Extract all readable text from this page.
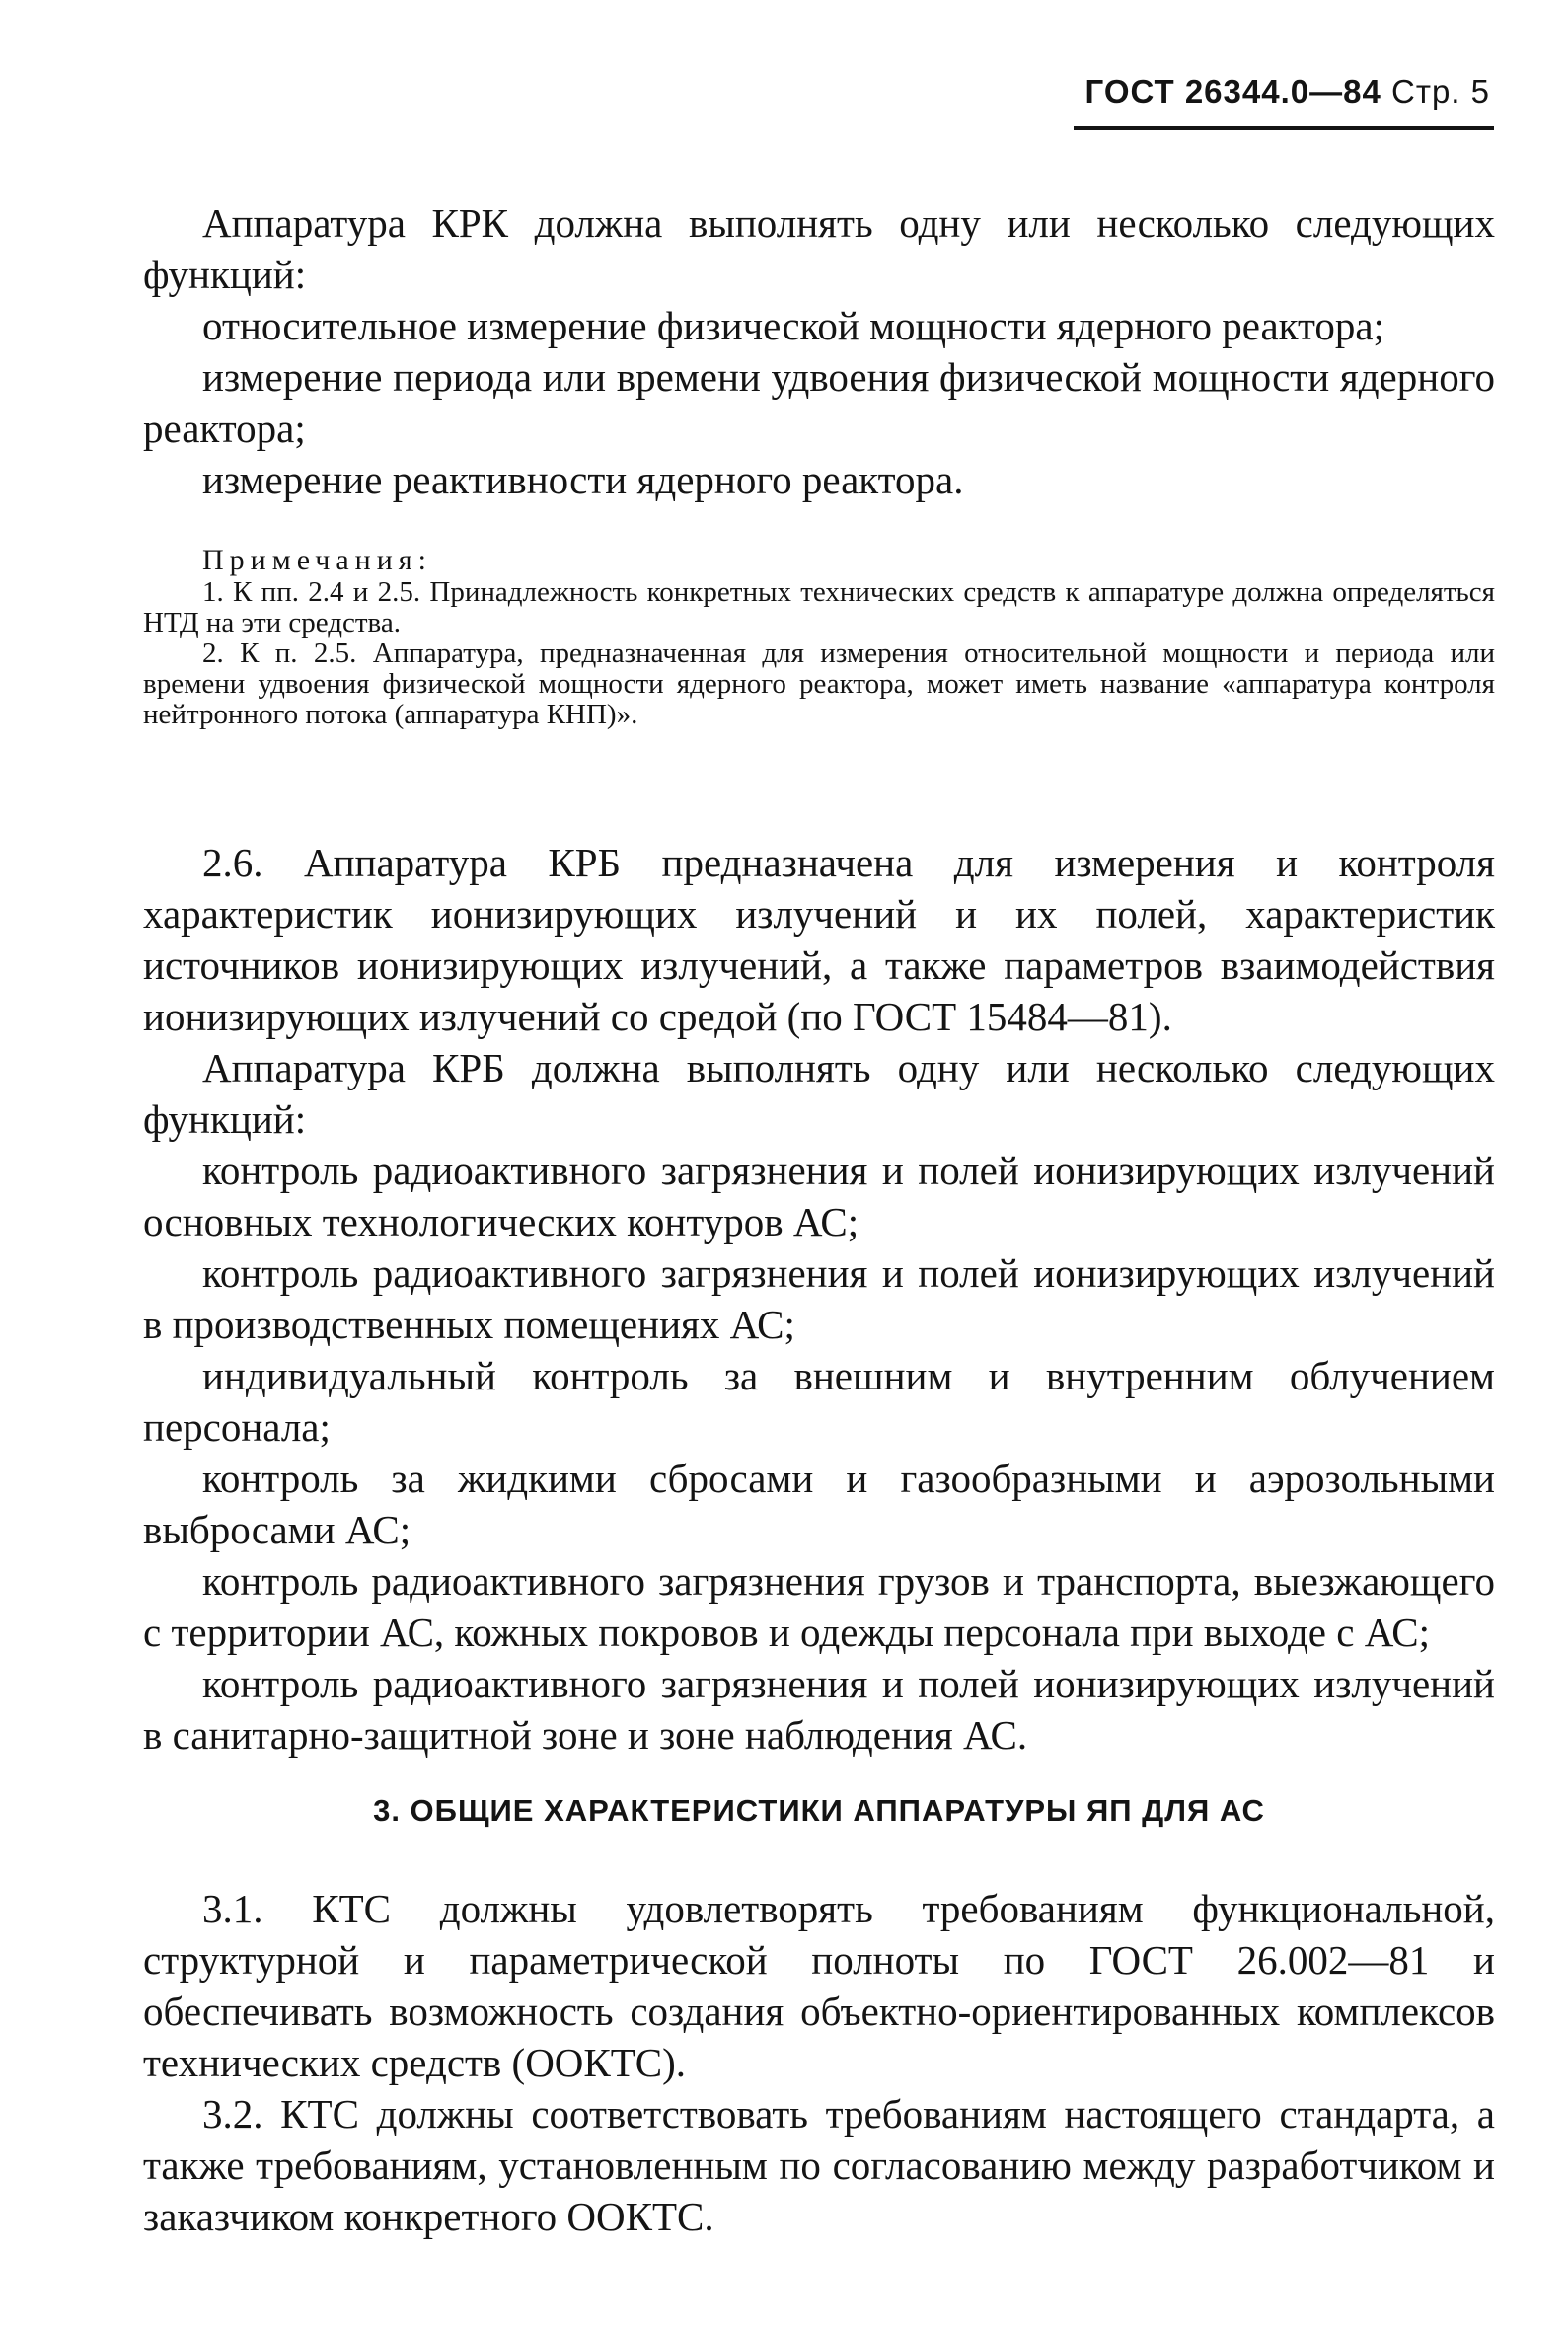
ГОСТ 26344.0—84 Стр. 5

Аппаратура КРК должна выполнять одну или несколько следующих функций:

относительное измерение физической мощности ядерного реактора;

измерение периода или времени удвоения физической мощности ядерного реактора;

измерение реактивности ядерного реактора.

Примечания:

1. К пп. 2.4 и 2.5. Принадлежность конкретных технических средств к аппаратуре должна определяться НТД на эти средства.

2. К п. 2.5. Аппаратура, предназначенная для измерения относительной мощности и периода или времени удвоения физической мощности ядерного реактора, может иметь название «аппаратура контроля нейтронного потока (аппаратура КНП)».

2.6. Аппаратура КРБ предназначена для измерения и контроля характеристик ионизирующих излучений и их полей, характеристик источников ионизирующих излучений, а также параметров взаимодействия ионизирующих излучений со средой (по ГОСТ 15484—81).

Аппаратура КРБ должна выполнять одну или несколько следующих функций:

контроль радиоактивного загрязнения и полей ионизирующих излучений основных технологических контуров АС;

контроль радиоактивного загрязнения и полей ионизирующих излучений в производственных помещениях АС;

индивидуальный контроль за внешним и внутренним облучением персонала;

контроль за жидкими сбросами и газообразными и аэрозольными выбросами АС;

контроль радиоактивного загрязнения грузов и транспорта, выезжающего с территории АС, кожных покровов и одежды персонала при выходе с АС;

контроль радиоактивного загрязнения и полей ионизирующих излучений в санитарно-защитной зоне и зоне наблюдения АС.

3. ОБЩИЕ ХАРАКТЕРИСТИКИ АППАРАТУРЫ ЯП ДЛЯ АС

3.1. КТС должны удовлетворять требованиям функциональной, структурной и параметрической полноты по ГОСТ 26.002—81 и обеспечивать возможность создания объектно-ориентированных комплексов технических средств (ООКТС).

3.2. КТС должны соответствовать требованиям настоящего стандарта, а также требованиям, установленным по согласованию между разработчиком и заказчиком конкретного ООКТС.
